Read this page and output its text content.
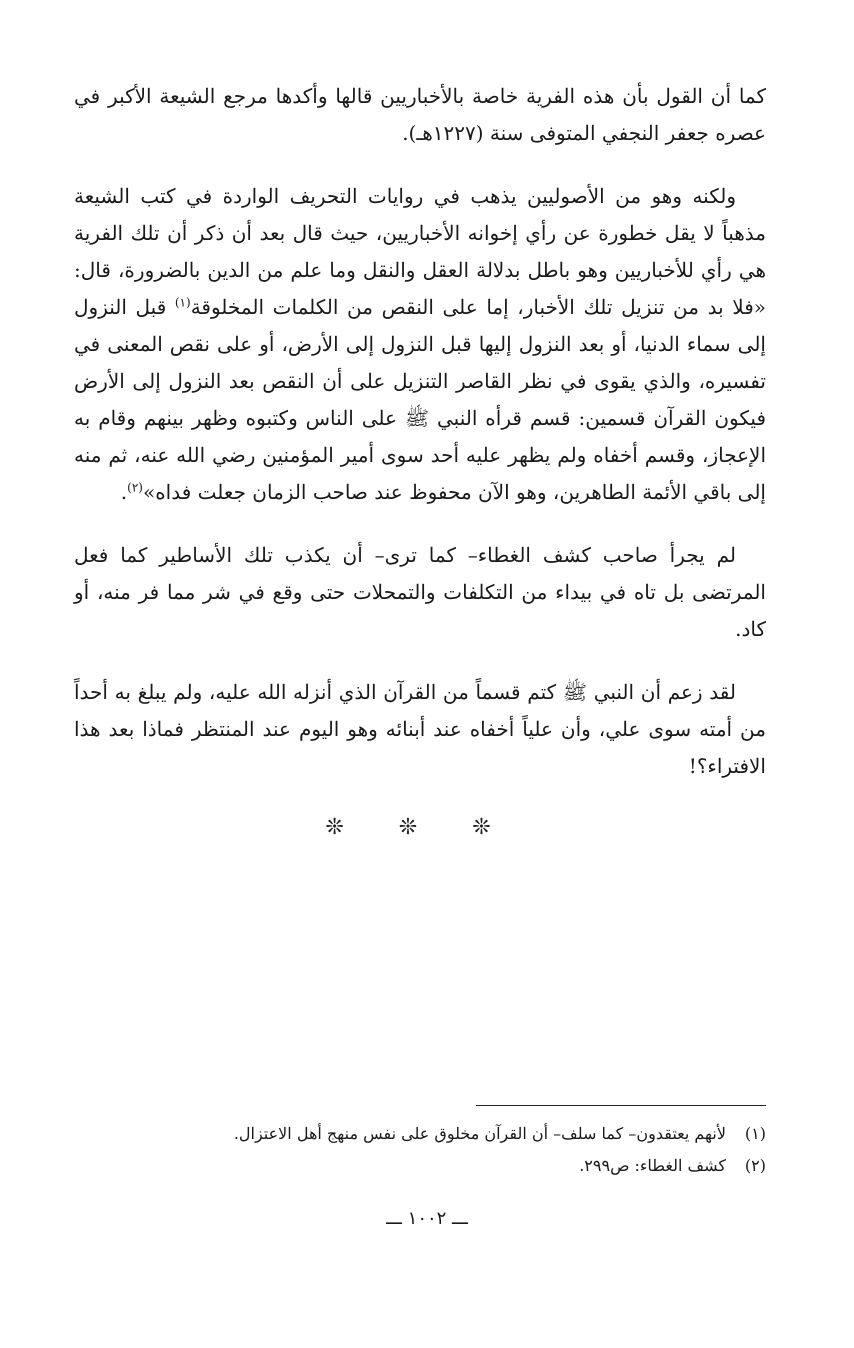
كما أن القول بأن هذه الفرية خاصة بالأخباريين قالها وأكدها مرجع الشيعة الأكبر في عصره جعفر النجفي المتوفى سنة (١٢٢٧هـ).

ولكنه وهو من الأصوليين يذهب في روايات التحريف الواردة في كتب الشيعة مذهباً لا يقل خطورة عن رأي إخوانه الأخباريين، حيث قال بعد أن ذكر أن تلك الفرية هي رأي للأخباريين وهو باطل بدلالة العقل والنقل وما علم من الدين بالضرورة، قال: «فلا بد من تنزيل تلك الأخبار، إما على النقص من الكلمات المخلوقة$^{(١)}$ قبل النزول إلى سماء الدنيا، أو بعد النزول إليها قبل النزول إلى الأرض، أو على نقص المعنى في تفسيره، والذي يقوى في نظر القاصر التنزيل على أن النقص بعد النزول إلى الأرض فيكون القرآن قسمين: قسم قرأه النبي ﷺ على الناس وكتبوه وظهر بينهم وقام به الإعجاز، وقسم أخفاه ولم يظهر عليه أحد سوى أمير المؤمنين رضي الله عنه، ثم منه إلى باقي الأئمة الطاهرين، وهو الآن محفوظ عند صاحب الزمان جعلت فداه»$^{(٢)}$.

لم يجرأ صاحب كشف الغطاء– كما ترى– أن يكذب تلك الأساطير كما فعل المرتضى بل تاه في بيداء من التكلفات والتمحلات حتى وقع في شر مما فر منه، أو كاد.

لقد زعم أن النبي ﷺ كتم قسماً من القرآن الذي أنزله الله عليه، ولم يبلغ به أحداً من أمته سوى علي، وأن علياً أخفاه عند أبنائه وهو اليوم عند المنتظر فماذا بعد هذا الافتراء؟!

❊ ❊ ❊
(١)
لأنهم يعتقدون– كما سلف– أن القرآن مخلوق على نفس منهج أهل الاعتزال.
(٢)
كشف الغطاء: ص٢٩٩.
ـــ ١٠٠٢ ـــ
